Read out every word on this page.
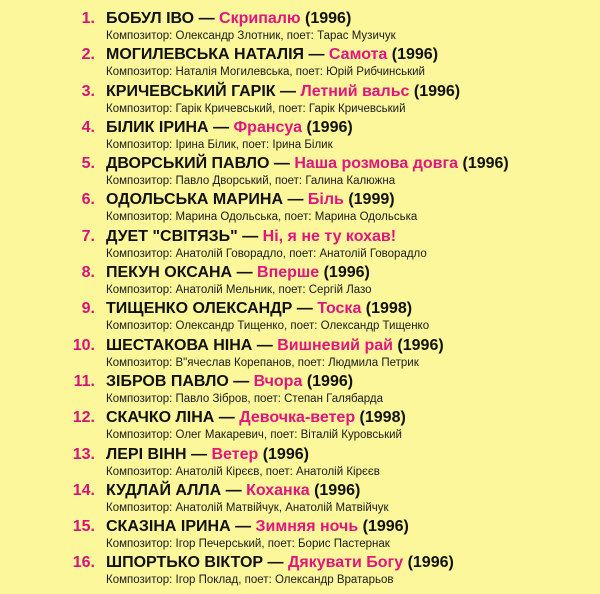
1. БОБУЛ ІВО — Скрипалю (1996)
Композитор: Олександр Злотник, поет: Тарас Музичук
2. МОГИЛЕВСЬКА НАТАЛІЯ — Самота (1996)
Композитор: Наталія Могилевська, поет: Юрій Рибчинський
3. КРИЧЕВСЬКИЙ ГАРІК — Летний вальс (1996)
Композитор: Гарік Кричевський, поет: Гарік Кричевський
4. БІЛИК ІРИНА — Франсуа (1996)
Композитор: Ірина Білик, поет: Ірина Білик
5. ДВОРСЬКИЙ ПАВЛО — Наша розмова довга (1996)
Композитор: Павло Дворський, поет: Галина Калюжна
6. ОДОЛЬСЬКА МАРИНА — Біль (1999)
Композитор: Марина Одольська, поет: Марина Одольська
7. ДУЕТ "СВІТЯЗЬ" — Ні, я не ту кохав!
Композитор: Анатолій Говорадло, поет: Анатолій Говорадло
8. ПЕКУН ОКСАНА — Вперше (1996)
Композитор: Анатолій Мельник, поет: Сергій Лазо
9. ТИЩЕНКО ОЛЕКСАНДР — Тоска (1998)
Композитор: Олександр Тищенко, поет: Олександр Тищенко
10. ШЕСТАКОВА НІНА — Вишневий рай (1996)
Композитор: В"ячеслав Корепанов, поет: Людмила Петрик
11. ЗІБРОВ ПАВЛО — Вчора (1996)
Композитор: Павло Зібров, поет: Степан Галябарда
12. СКАЧКО ЛІНА — Девочка-ветер (1998)
Композитор: Олег Макаревич, поет: Віталій Куровський
13. ЛЕРІ ВІНН — Ветер (1996)
Композитор: Анатолій Кірєєв, поет: Анатолій Кірєєв
14. КУДЛАЙ АЛЛА — Коханка (1996)
Композитор: Анатолій Матвійчук, Анатолій Матвійчук
15. СКАЗІНА ІРИНА — Зимняя ночь (1996)
Композитор: Ігор Печерський, поет: Борис Пастернак
16. ШПОРТЬКО ВІКТОР — Дякувати Богу (1996)
Композитор: Ігор Поклад, поет: Олександр Вратарьов
